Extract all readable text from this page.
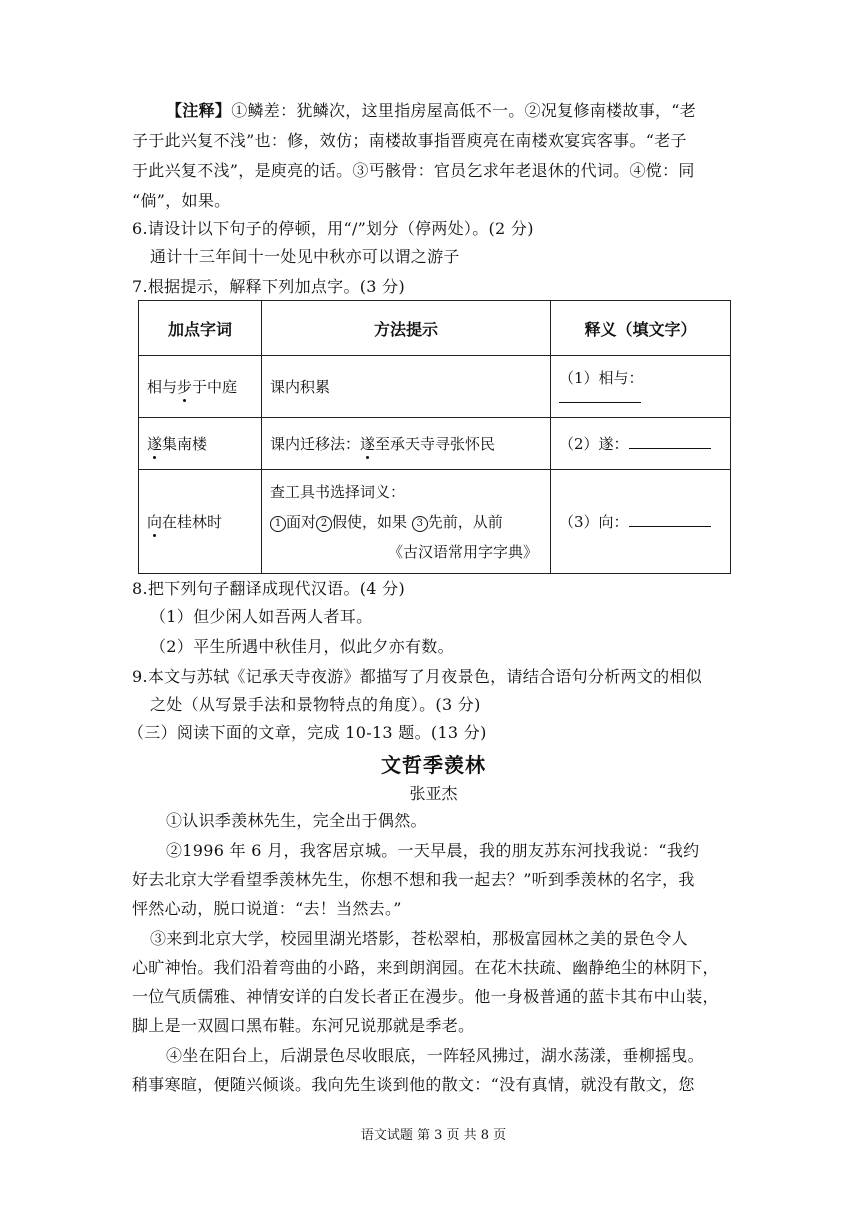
【注释】①鳞差：犹鳞次，这里指房屋高低不一。②况复修南楼故事，“老
子于此兴复不浅”也：修，效仿；南楼故事指晋庾亮在南楼欢宴宾客事。“老子
于此兴复不浅”，是庾亮的话。③丐骸骨：官员乞求年老退休的代词。④傥：同
“倘”，如果。
6.请设计以下句子的停顿，用“/”划分（停两处）。(2 分)
通计十三年间十一处见中秋亦可以谓之游子
7.根据提示，解释下列加点字。(3 分)
加点字词	方法提示	释义（填文字）
相与步于中庭	课内积累	（1）相与：
遂集南楼	课内迁移法：遂至承天寺寻张怀民	（2）遂：
向在桂林时	查工具书选择词义：
1 面对 2 假使，如果 3 先前，从前
《古汉语常用字字典》	（3）向：
8.把下列句子翻译成现代汉语。(4 分)
（1）但少闲人如吾两人者耳。
（2）平生所遇中秋佳月，似此夕亦有数。
9.本文与苏轼《记承天寺夜游》都描写了月夜景色，请结合语句分析两文的相似
之处（从写景手法和景物特点的角度）。(3 分)
（三）阅读下面的文章，完成 10-13 题。(13 分)
文哲季羡林
张亚杰
①认识季羡林先生，完全出于偶然。
②1996 年 6 月，我客居京城。一天早晨，我的朋友苏东河找我说：“我约
好去北京大学看望季羡林先生，你想不想和我一起去？”听到季羡林的名字，我
怦然心动，脱口说道：“去！当然去。”
③来到北京大学，校园里湖光塔影，苍松翠柏，那极富园林之美的景色令人
心旷神怡。我们沿着弯曲的小路，来到朗润园。在花木扶疏、幽静绝尘的林阴下，
一位气质儒雅、神情安详的白发长者正在漫步。他一身极普通的蓝卡其布中山装，
脚上是一双圆口黑布鞋。东河兄说那就是季老。
④坐在阳台上，后湖景色尽收眼底，一阵轻风拂过，湖水荡漾，垂柳摇曳。
稍事寒暄，便随兴倾谈。我向先生谈到他的散文：“没有真情，就没有散文，您
语文试题 第 3 页 共 8 页
